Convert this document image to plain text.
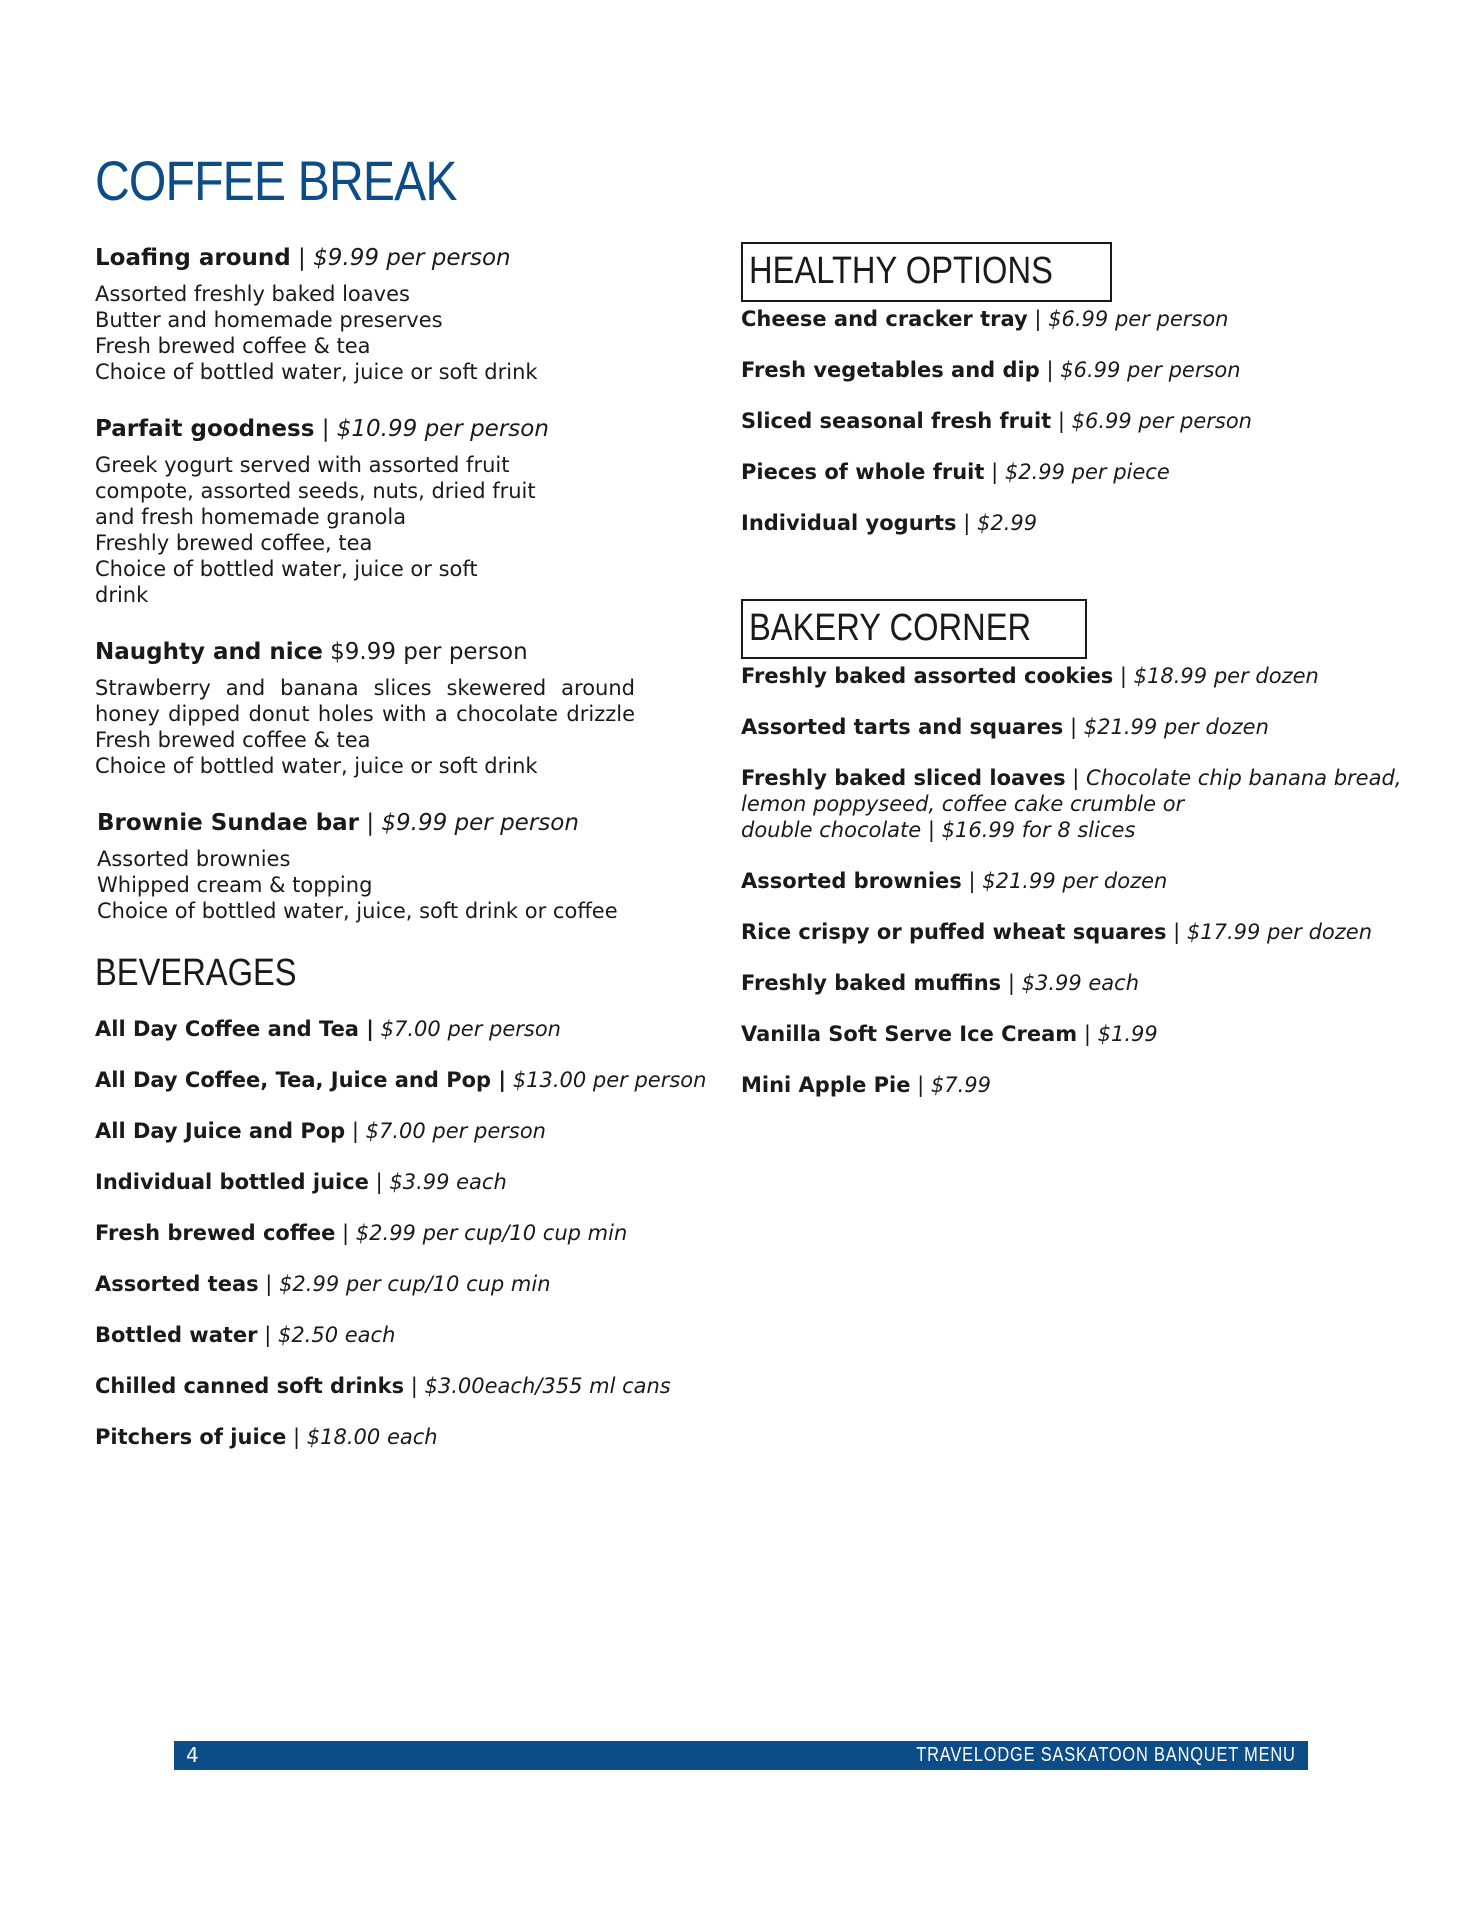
COFFEE BREAK
Loafing around | $9.99 per person
Assorted freshly baked loaves
Butter and homemade preserves
Fresh brewed coffee & tea
Choice of bottled water, juice or soft drink
Parfait goodness | $10.99 per person
Greek yogurt served with assorted fruit
compote, assorted seeds, nuts, dried fruit
and fresh homemade granola
Freshly brewed coffee, tea
Choice of bottled water, juice or soft
drink
Naughty and nice $9.99 per person
Strawberry and banana slices skewered around
honey dipped donut holes with a chocolate drizzle
Fresh brewed coffee & tea
Choice of bottled water, juice or soft drink
Brownie Sundae bar | $9.99 per person
Assorted brownies
Whipped cream & topping
Choice of bottled water, juice, soft drink or coffee
BEVERAGES
All Day Coffee and Tea | $7.00 per person
All Day Coffee, Tea, Juice and Pop | $13.00 per person
All Day Juice and Pop | $7.00 per person
Individual bottled juice | $3.99 each
Fresh brewed coffee | $2.99 per cup/10 cup min
Assorted teas | $2.99 per cup/10 cup min
Bottled water | $2.50 each
Chilled canned soft drinks | $3.00each/355 ml cans
Pitchers of juice | $18.00 each
HEALTHY OPTIONS
Cheese and cracker tray | $6.99 per person
Fresh vegetables and dip | $6.99 per person
Sliced seasonal fresh fruit | $6.99 per person
Pieces of whole fruit | $2.99 per piece
Individual yogurts | $2.99
BAKERY CORNER
Freshly baked assorted cookies | $18.99 per dozen
Assorted tarts and squares | $21.99 per dozen
Freshly baked sliced loaves | Chocolate chip banana bread,
lemon poppyseed, coffee cake crumble or
double chocolate | $16.99 for 8 slices
Assorted brownies | $21.99 per dozen
Rice crispy or puffed wheat squares | $17.99 per dozen
Freshly baked muffins | $3.99 each
Vanilla Soft Serve Ice Cream | $1.99
Mini Apple Pie | $7.99
4	TRAVELODGE SASKATOON BANQUET MENU
